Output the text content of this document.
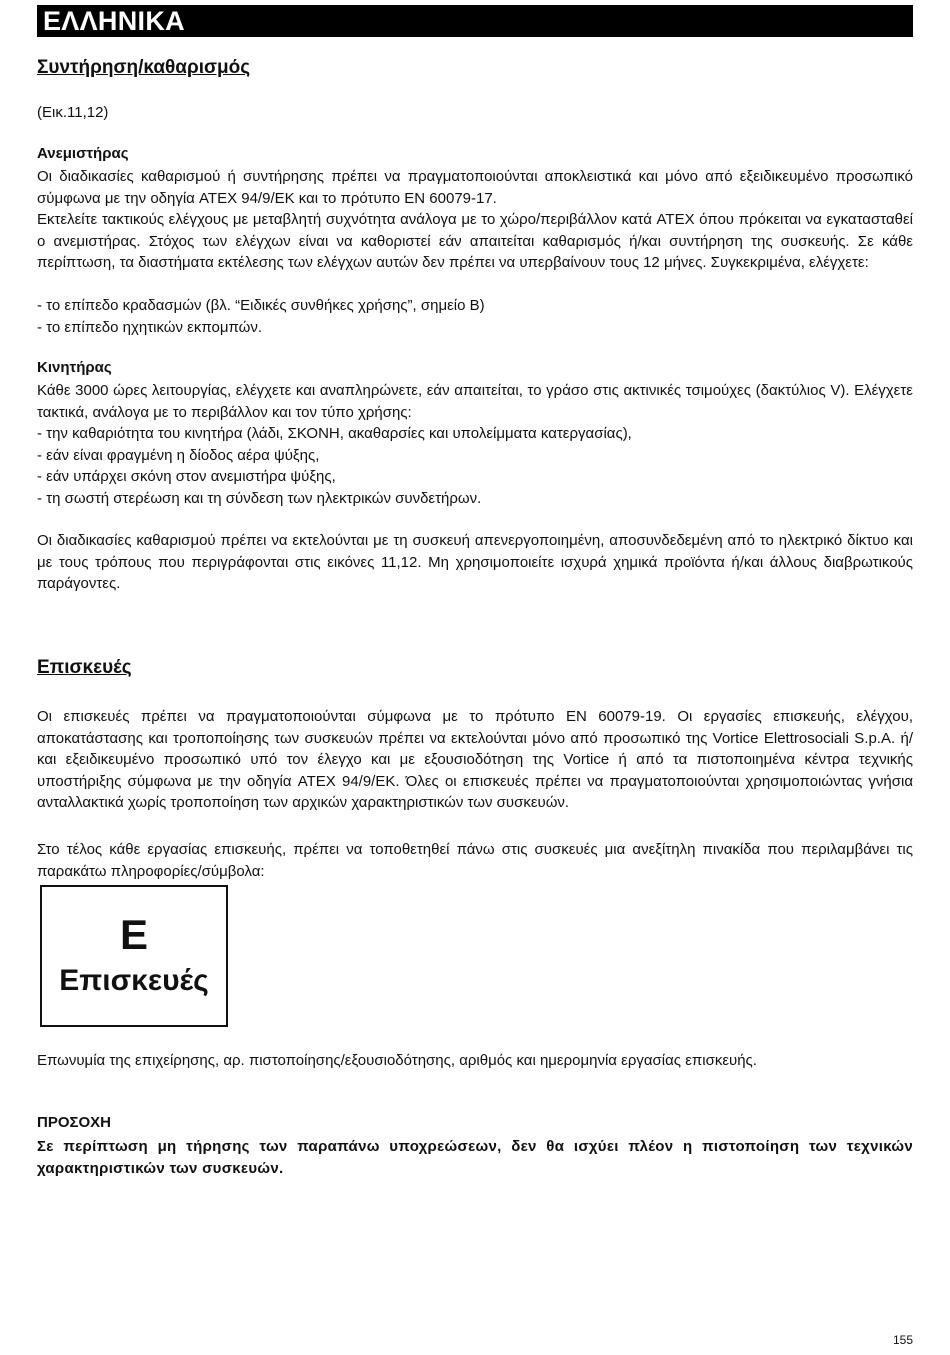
ΕΛΛΗΝΙΚΑ
Συντήρηση/καθαρισμός

(Εικ.11,12)

Ανεμιστήρας

Οι διαδικασίες καθαρισμού ή συντήρησης πρέπει να πραγματοποιούνται αποκλειστικά και μόνο από εξειδικευμένο προσωπικό σύμφωνα με την οδηγία ATEX 94/9/EK και το πρότυπο EN 60079-17.

Εκτελείτε τακτικούς ελέγχους με μεταβλητή συχνότητα ανάλογα με το χώρο/περιβάλλον κατά ATEX όπου πρόκειται να εγκατασταθεί ο ανεμιστήρας. Στόχος των ελέγχων είναι να καθοριστεί εάν απαιτείται καθαρισμός ή/και συντήρηση της συσκευής. Σε κάθε περίπτωση, τα διαστήματα εκτέλεσης των ελέγχων αυτών δεν πρέπει να υπερβαίνουν τους 12 μήνες. Συγκεκριμένα, ελέγχετε:

- το επίπεδο κραδασμών (βλ. “Ειδικές συνθήκες χρήσης”, σημείο Β)
- το επίπεδο ηχητικών εκπομπών.

Κινητήρας

Κάθε 3000 ώρες λειτουργίας, ελέγχετε και αναπληρώνετε, εάν απαιτείται, το γράσο στις ακτινικές τσιμούχες (δακτύλιος V). Ελέγχετε τακτικά, ανάλογα με το περιβάλλον και τον τύπο χρήσης:

- την καθαριότητα του κινητήρα (λάδι, ΣΚΟΝΗ, ακαθαρσίες και υπολείμματα κατεργασίας),
- εάν είναι φραγμένη η δίοδος αέρα ψύξης,
- εάν υπάρχει σκόνη στον ανεμιστήρα ψύξης,
- τη σωστή στερέωση και τη σύνδεση των ηλεκτρικών συνδετήρων.

Οι διαδικασίες καθαρισμού πρέπει να εκτελούνται με τη συσκευή απενεργοποιημένη, αποσυνδεδεμένη από το ηλεκτρικό δίκτυο και με τους τρόπους που περιγράφονται στις εικόνες 11,12. Μη χρησιμοποιείτε ισχυρά χημικά προϊόντα ή/και άλλους διαβρωτικούς παράγοντες.

Επισκευές

Οι επισκευές πρέπει να πραγματοποιούνται σύμφωνα με το πρότυπο EN 60079-19. Οι εργασίες επισκευής, ελέγχου, αποκατάστασης και τροποποίησης των συσκευών πρέπει να εκτελούνται μόνο από προσωπικό της Vortice Elettrosociali S.p.A. ή/και εξειδικευμένο προσωπικό υπό τον έλεγχο και με εξουσιοδότηση της Vortice ή από τα πιστοποιημένα κέντρα τεχνικής υποστήριξης σύμφωνα με την οδηγία ATEX 94/9/ΕΚ. Όλες οι επισκευές πρέπει να πραγματοποιούνται χρησιμοποιώντας γνήσια ανταλλακτικά χωρίς τροποποίηση των αρχικών χαρακτηριστικών των συσκευών.

Στο τέλος κάθε εργασίας επισκευής, πρέπει να τοποθετηθεί πάνω στις συσκευές μια ανεξίτηλη πινακίδα που περιλαμβάνει τις παρακάτω πληροφορίες/σύμβολα:

E
Επισκευές

Επωνυμία της επιχείρησης, αρ. πιστοποίησης/εξουσιοδότησης, αριθμός και ημερομηνία εργασίας επισκευής.

ΠΡΟΣΟΧΗ

Σε περίπτωση μη τήρησης των παραπάνω υποχρεώσεων, δεν θα ισχύει πλέον η πιστοποίηση των τεχνικών χαρακτηριστικών των συσκευών.

155
